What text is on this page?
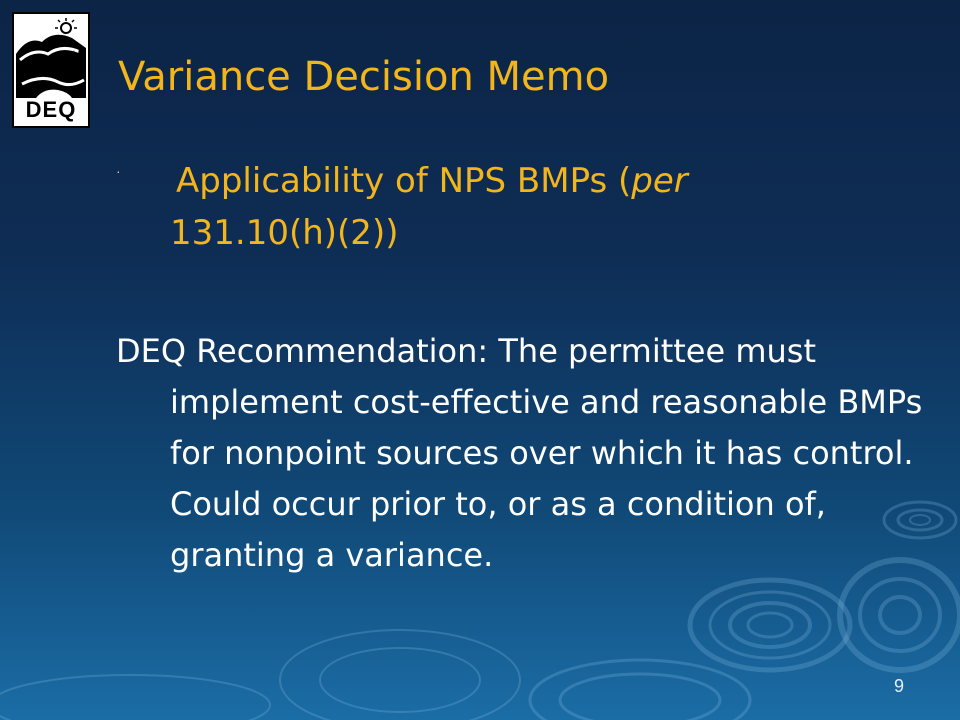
DEQ
Variance Decision Memo
· Applicability of NPS BMPs (per
131.10(h)(2))

DEQ Recommendation: The permittee must implement cost-effective and reasonable BMPs for nonpoint sources over which it has control. Could occur prior to, or as a condition of, granting a variance.

9
